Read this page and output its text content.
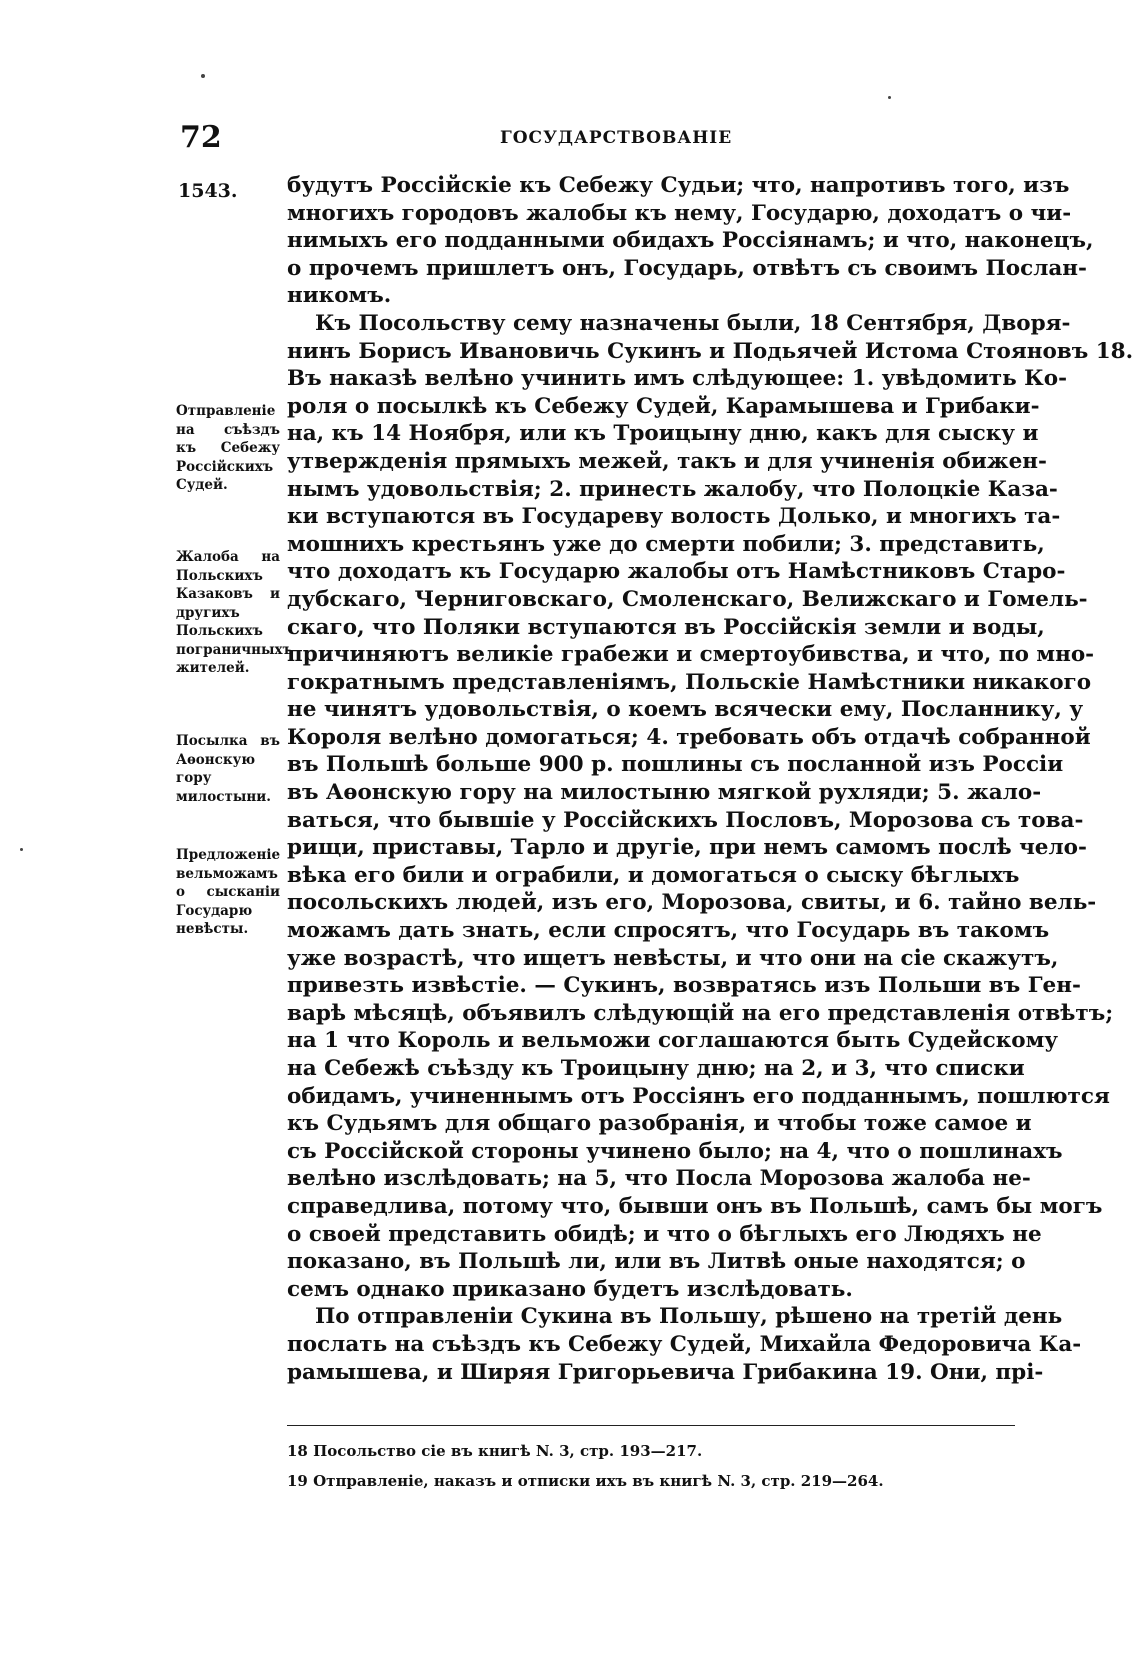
72	ГОСУДАРСТВОВАНІЕ
1543. будутъ Россійскіе къ Себежу Судьи; что, напротивъ того, изъ
многихъ городовъ жалобы къ нему, Государю, доходатъ о чи-
нимыхъ его подданными обидахъ Россіянамъ; и что, наконецъ,
о прочемъ пришлетъ онъ, Государь, отвѣтъ съ своимъ Послан-
никомъ.
Къ Посольству сему назначены были, 18 Сентября, Дворя-
нинъ Борисъ Ивановичь Сукинъ и Подьячей Истома Стояновъ 18.
Въ наказѣ велѣно учинить имъ слѣдующее: 1. увѣдомить Ко-
роля о посылкѣ къ Себежу Судей, Карамышева и Грибаки-
на, къ 14 Ноября, или къ Троицыну дню, какъ для сыску и
утвержденія прямыхъ межей, такъ и для учиненія обижен-
нымъ удовольствія; 2. принесть жалобу, что Полоцкіе Каза-
ки вступаются въ Государеву волость Долько, и многихъ та-
мошнихъ крестьянъ уже до смерти побили; 3. представить,
что доходатъ къ Государю жалобы отъ Намѣстниковъ Старо-
дубскаго, Черниговскаго, Смоленскаго, Велижскаго и Гомель-
скаго, что Поляки вступаются въ Россійскія земли и воды,
причиняютъ великіе грабежи и смертоубивства, и что, по мно-
гократнымъ представленіямъ, Польскіе Намѣстники никакого
не чинятъ удовольствія, о коемъ всячески ему, Посланнику, у
Короля велѣно домогаться; 4. требовать объ отдачѣ собранной
въ Польшѣ больше 900 р. пошлины съ посланной изъ Россіи
въ Аѳонскую гору на милостыню мягкой рухляди; 5. жало-
ваться, что бывшіе у Россійскихъ Пословъ, Морозова съ това-
рищи, приставы, Тарло и другіе, при немъ самомъ послѣ чело-
вѣка его били и ограбили, и домогаться о сыску бѣглыхъ
посольскихъ людей, изъ его, Морозова, свиты, и 6. тайно вель-
можамъ дать знать, если спросятъ, что Государь въ такомъ
уже возрастѣ, что ищетъ невѣсты, и что они на сіе скажутъ,
привезть извѣстіе. — Сукинъ, возвратясь изъ Польши въ Ген-
варѣ мѣсяцѣ, объявилъ слѣдующій на его представленія отвѣтъ;
на 1 что Король и вельможи соглашаются быть Судейскому
на Себежѣ съѣзду къ Троицыну дню; на 2, и 3, что списки
обидамъ, учиненнымъ отъ Россіянъ его подданнымъ, пошлются
къ Судьямъ для общаго разобранія, и чтобы тоже самое и
съ Россійской стороны учинено было; на 4, что о пошлинахъ
велѣно изслѣдовать; на 5, что Посла Морозова жалоба не-
справедлива, потому что, бывши онъ въ Польшѣ, самъ бы могъ
о своей представить обидѣ; и что о бѣглыхъ его Людяхъ не
показано, въ Польшѣ ли, или въ Литвѣ оные находятся; о
семъ однако приказано будетъ изслѣдовать.
По отправленіи Сукина въ Польшу, рѣшено на третій день
послать на съѣздъ къ Себежу Судей, Михайла Федоровича Ка-
рамышева, и Ширяя Григорьевича Грибакина 19. Они, прі-
Отправленіе на съѣздъ къ Себежу Россійскихъ Судей.
Жалоба на Польскихъ Казаковъ и другихъ Польскихъ пограничныхъ жителей.
Посылка въ Аѳонскую гору милостыни.
Предложеніе вельможамъ о сысканіи Государю невѣсты.
18 Посольство сіе въ книгѣ N. 3, стр. 193—217.
19 Отправленіе, наказъ и отписки ихъ въ книгѣ N. 3, стр. 219—264.
